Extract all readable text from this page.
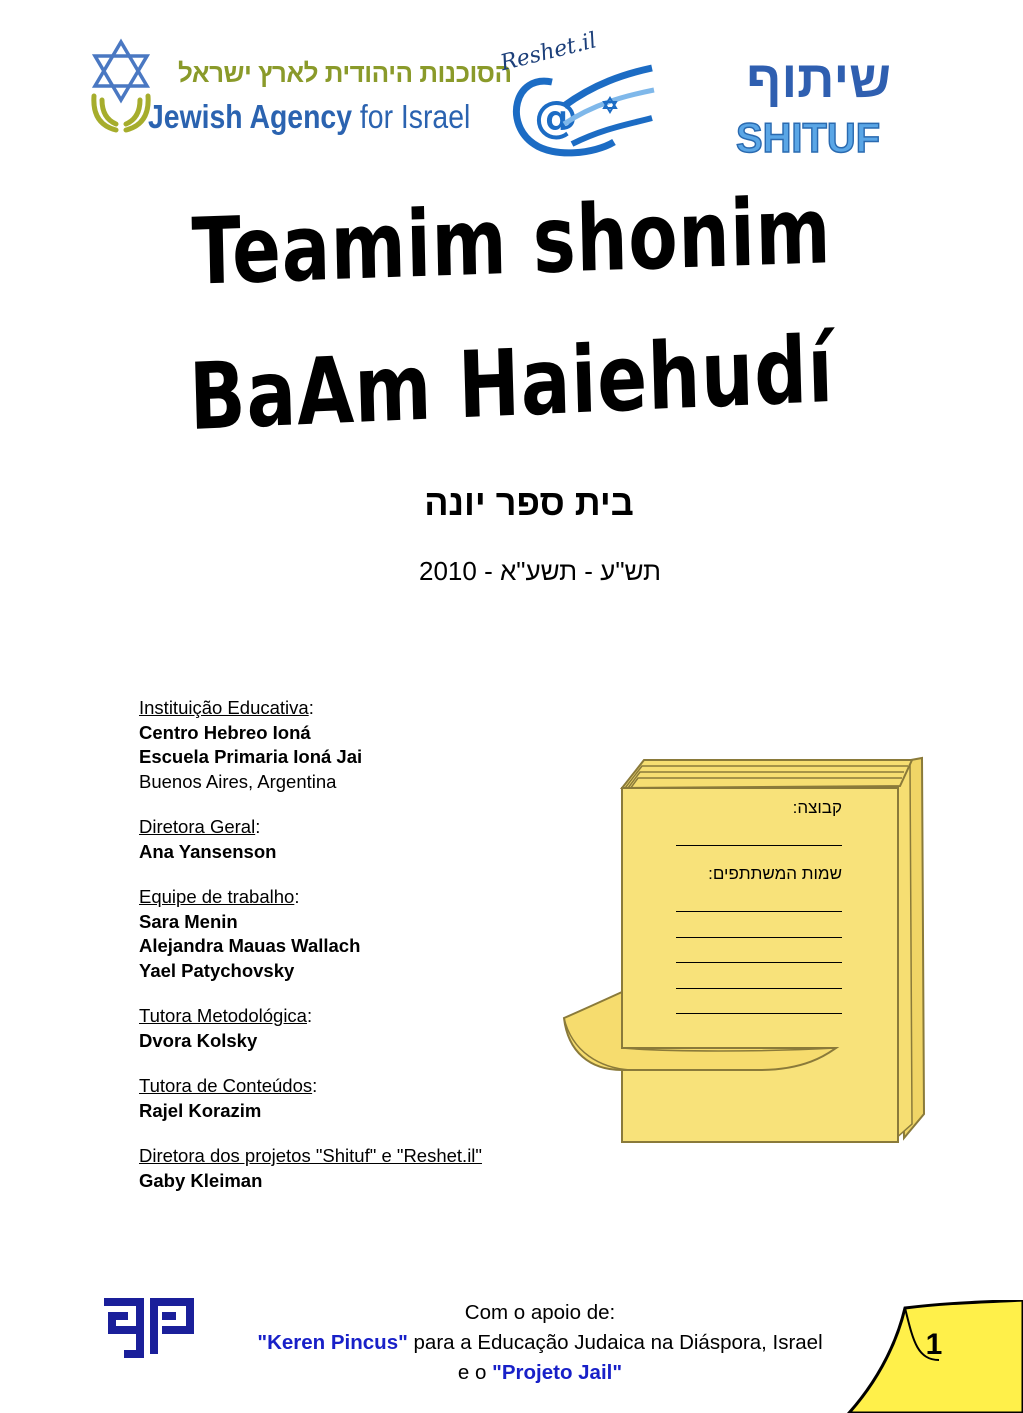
הסוכנות היהודית לארץ ישראל
Jewish Agency for Israel
Reshet.il
@
שיתוף
SHITUF
Teamim shonim
BaAm Haiehudí
בית ספר יונה
2010 - תש"ע - תשע"א
Instituição Educativa:
Centro Hebreo Ioná
Escuela Primaria Ioná Jai
Buenos Aires, Argentina
Diretora Geral:
Ana Yansenson
Equipe de trabalho:
Sara Menin
Alejandra Mauas Wallach
Yael Patychovsky
Tutora Metodológica:
Dvora Kolsky
Tutora de Conteúdos:
Rajel Korazim
Diretora dos projetos "Shituf" e "Reshet.il"
Gaby Kleiman
קבוצה:
שמות המשתתפים:
Com o apoio de:
"Keren Pincus" para a Educação Judaica na Diáspora, Israel
e o "Projeto Jail"
1
